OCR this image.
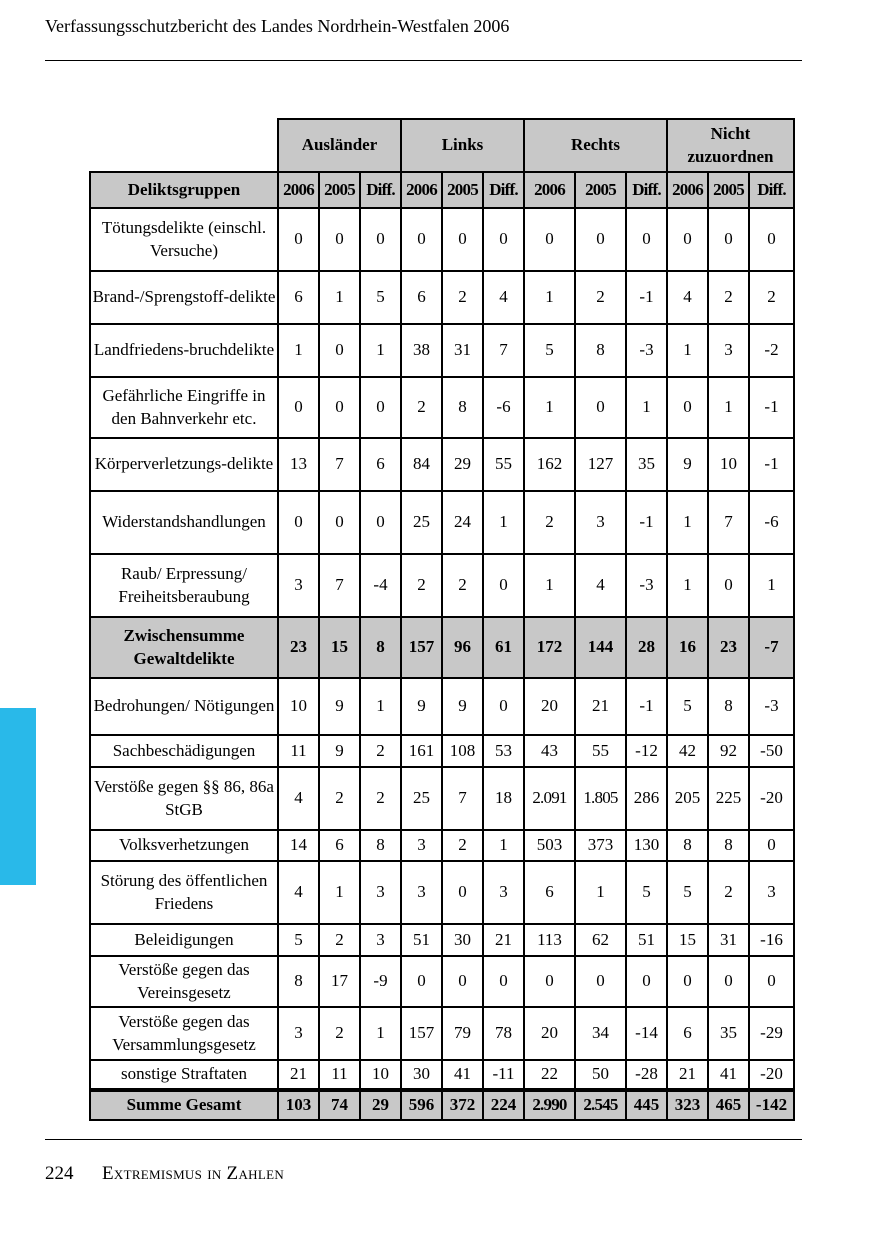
Verfassungsschutzbericht des Landes Nordrhein-Westfalen 2006
	Ausländer			Links			Rechts			Nicht zuzuordnen		
Deliktsgruppen	2006	2005	Diff.	2006	2005	Diff.	2006	2005	Diff.	2006	2005	Diff.
Tötungsdelikte (einschl. Versuche)	0	0	0	0	0	0	0	0	0	0	0	0
Brand-/Sprengstoff-delikte	6	1	5	6	2	4	1	2	-1	4	2	2
Landfriedens-bruchdelikte	1	0	1	38	31	7	5	8	-3	1	3	-2
Gefährliche Eingriffe in den Bahnverkehr etc.	0	0	0	2	8	-6	1	0	1	0	1	-1
Körperverletzungs-delikte	13	7	6	84	29	55	162	127	35	9	10	-1
Widerstandshandlungen	0	0	0	25	24	1	2	3	-1	1	7	-6
Raub/ Erpressung/ Freiheitsberaubung	3	7	-4	2	2	0	1	4	-3	1	0	1
Zwischensumme Gewaltdelikte	23	15	8	157	96	61	172	144	28	16	23	-7
Bedrohungen/ Nötigungen	10	9	1	9	9	0	20	21	-1	5	8	-3
Sachbeschädigungen	11	9	2	161	108	53	43	55	-12	42	92	-50
Verstöße gegen §§ 86, 86a StGB	4	2	2	25	7	18	2.091	1.805	286	205	225	-20
Volksverhetzungen	14	6	8	3	2	1	503	373	130	8	8	0
Störung des öffentlichen Friedens	4	1	3	3	0	3	6	1	5	5	2	3
Beleidigungen	5	2	3	51	30	21	113	62	51	15	31	-16
Verstöße gegen das Vereinsgesetz	8	17	-9	0	0	0	0	0	0	0	0	0
Verstöße gegen das Versammlungsgesetz	3	2	1	157	79	78	20	34	-14	6	35	-29
sonstige Straftaten	21	11	10	30	41	-11	22	50	-28	21	41	-20
Summe Gesamt	103	74	29	596	372	224	2.990	2.545	445	323	465	-142
224 Extremismus in Zahlen
